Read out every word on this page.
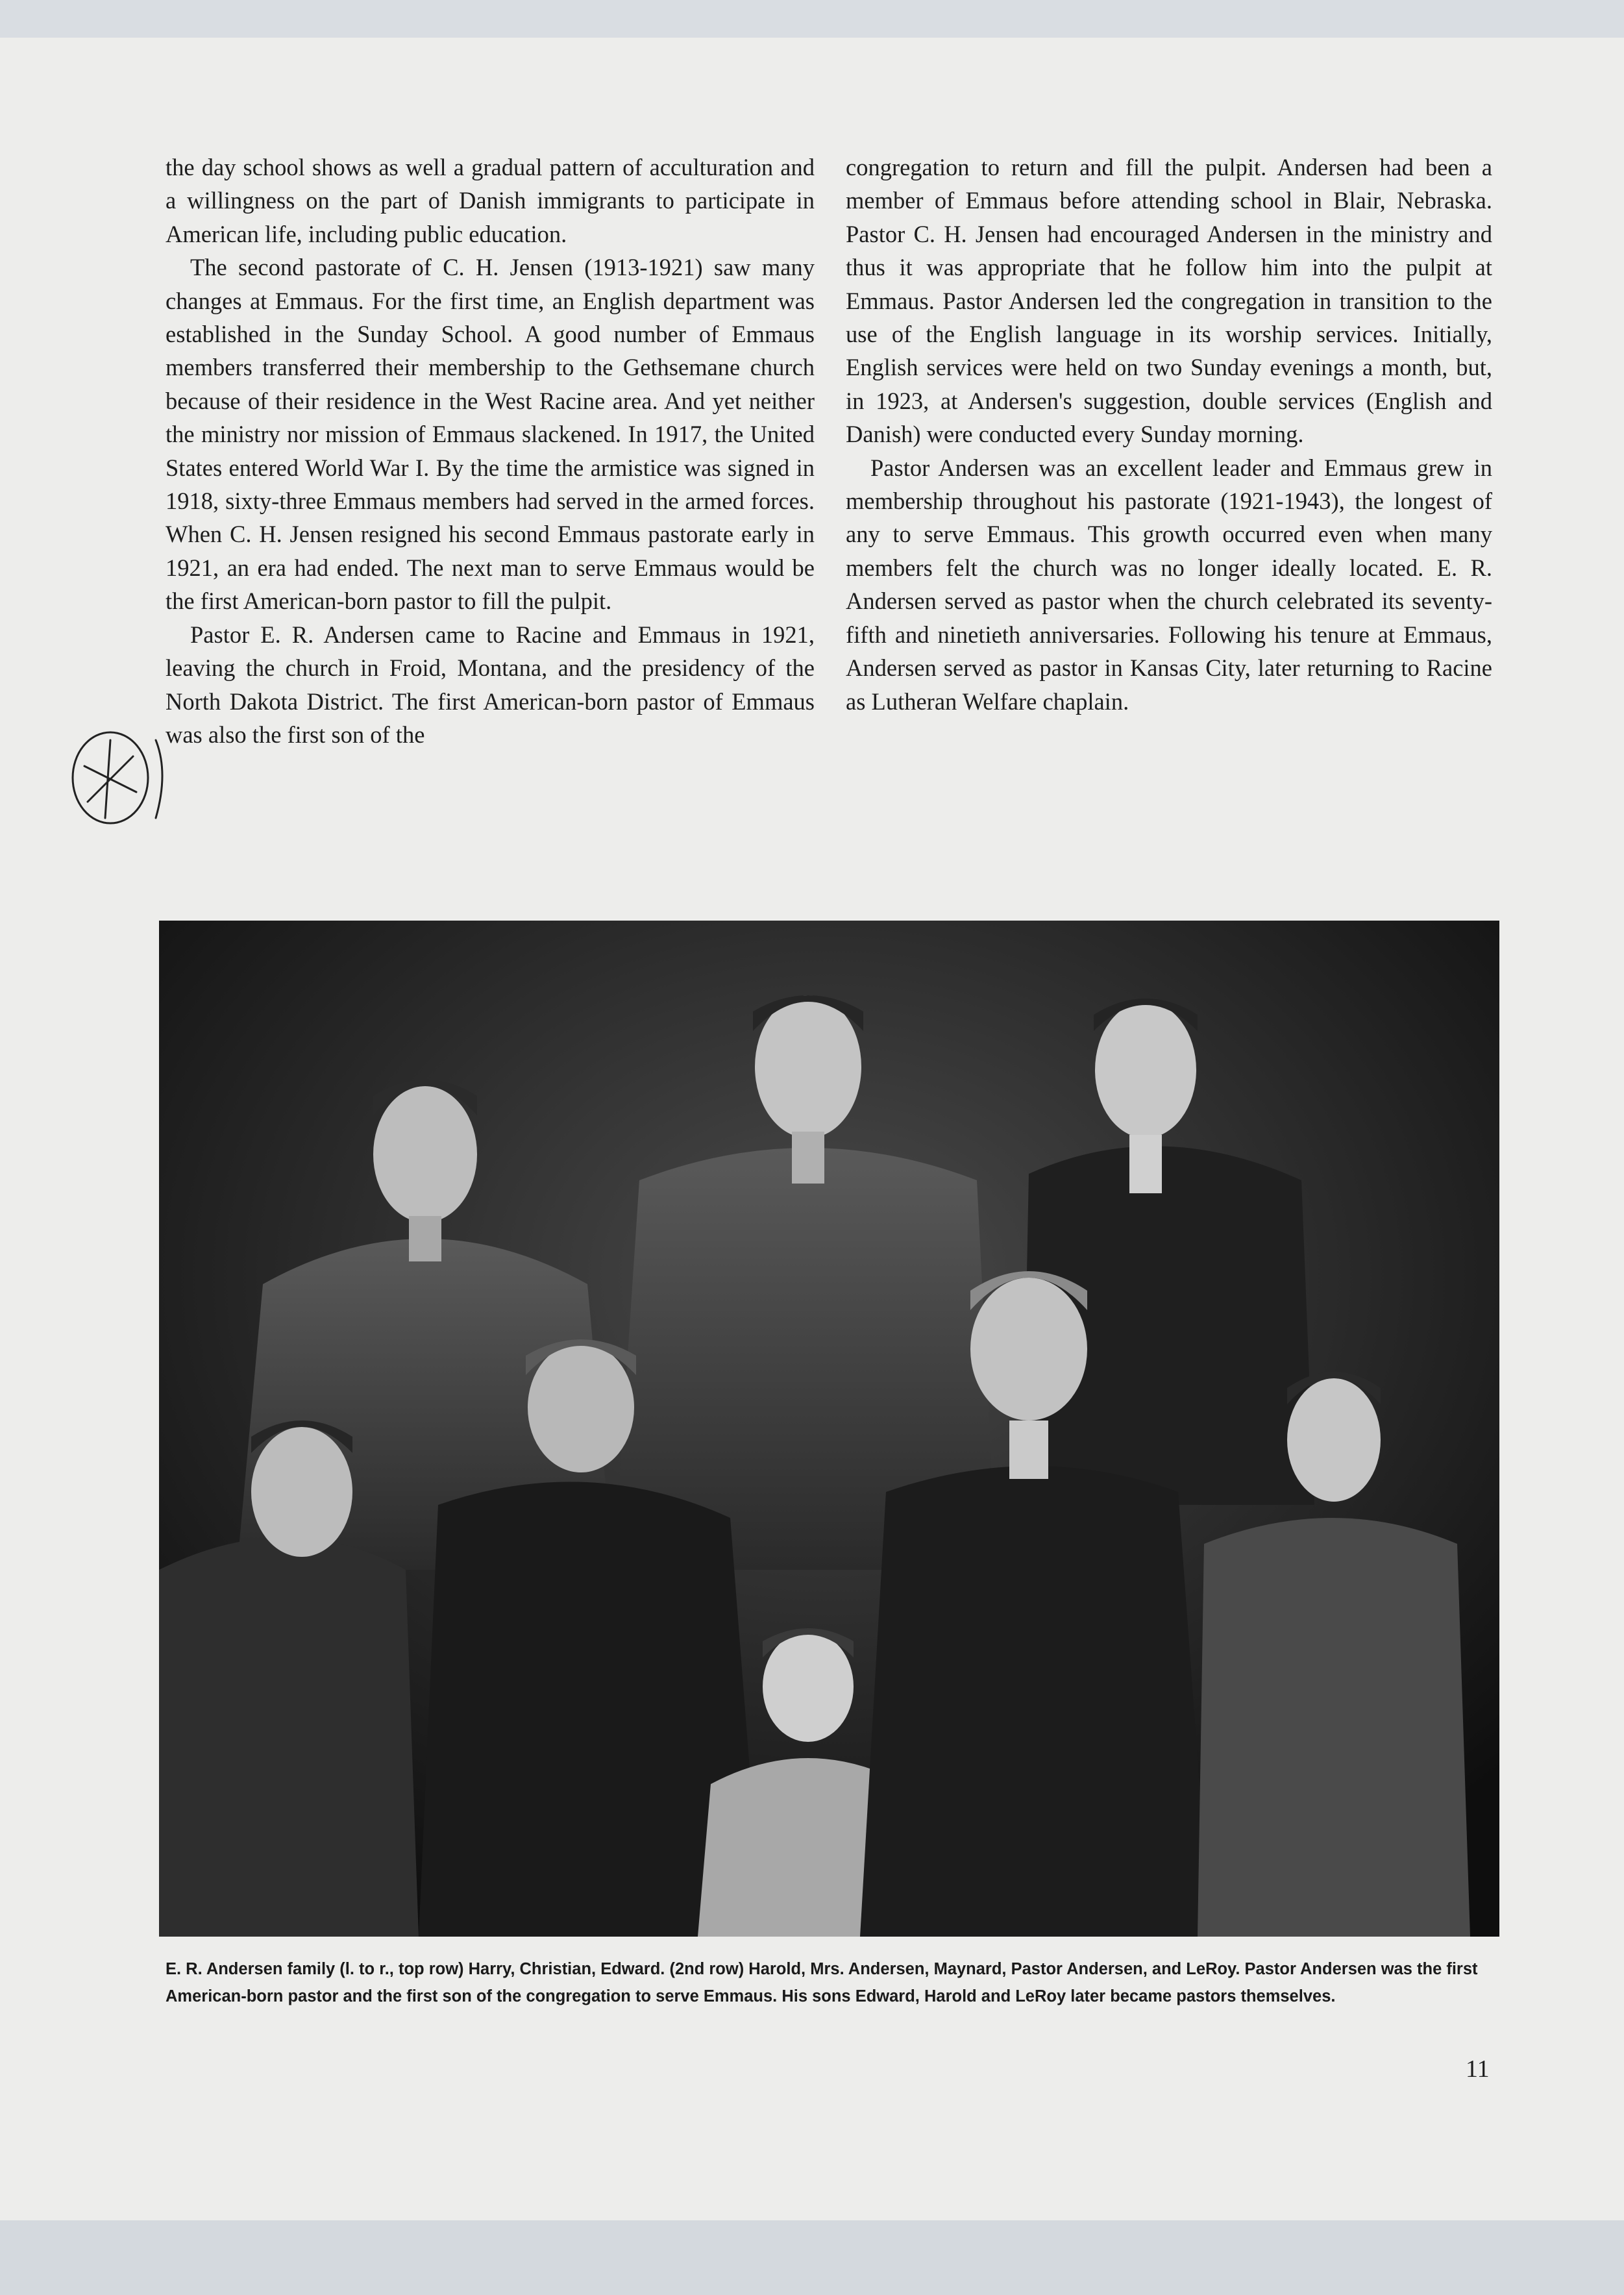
the day school shows as well a gradual pattern of acculturation and a willingness on the part of Danish immigrants to participate in American life, including public education.

The second pastorate of C. H. Jensen (1913-1921) saw many changes at Emmaus. For the first time, an English department was established in the Sunday School. A good number of Emmaus members transferred their membership to the Gethsemane church because of their residence in the West Racine area. And yet neither the ministry nor mission of Emmaus slackened. In 1917, the United States entered World War I. By the time the armistice was signed in 1918, sixty-three Emmaus members had served in the armed forces. When C. H. Jensen resigned his second Emmaus pastorate early in 1921, an era had ended. The next man to serve Emmaus would be the first American-born pastor to fill the pulpit.

Pastor E. R. Andersen came to Racine and Emmaus in 1921, leaving the church in Froid, Montana, and the presidency of the North Dakota District. The first American-born pastor of Emmaus was also the first son of the

congregation to return and fill the pulpit. Andersen had been a member of Emmaus before attending school in Blair, Nebraska. Pastor C. H. Jensen had encouraged Andersen in the ministry and thus it was appropriate that he follow him into the pulpit at Emmaus. Pastor Andersen led the congregation in transition to the use of the English language in its worship services. Initially, English services were held on two Sunday evenings a month, but, in 1923, at Andersen's suggestion, double services (English and Danish) were conducted every Sunday morning.

Pastor Andersen was an excellent leader and Emmaus grew in membership throughout his pastorate (1921-1943), the longest of any to serve Emmaus. This growth occurred even when many members felt the church was no longer ideally located. E. R. Andersen served as pastor when the church celebrated its seventy-fifth and ninetieth anniversaries. Following his tenure at Emmaus, Andersen served as pastor in Kansas City, later returning to Racine as Lutheran Welfare chaplain.

E. R. Andersen family (l. to r., top row) Harry, Christian, Edward. (2nd row) Harold, Mrs. Andersen, Maynard, Pastor Andersen, and LeRoy. Pastor Andersen was the first American-born pastor and the first son of the congregation to serve Emmaus. His sons Edward, Harold and LeRoy later became pastors themselves.
11
